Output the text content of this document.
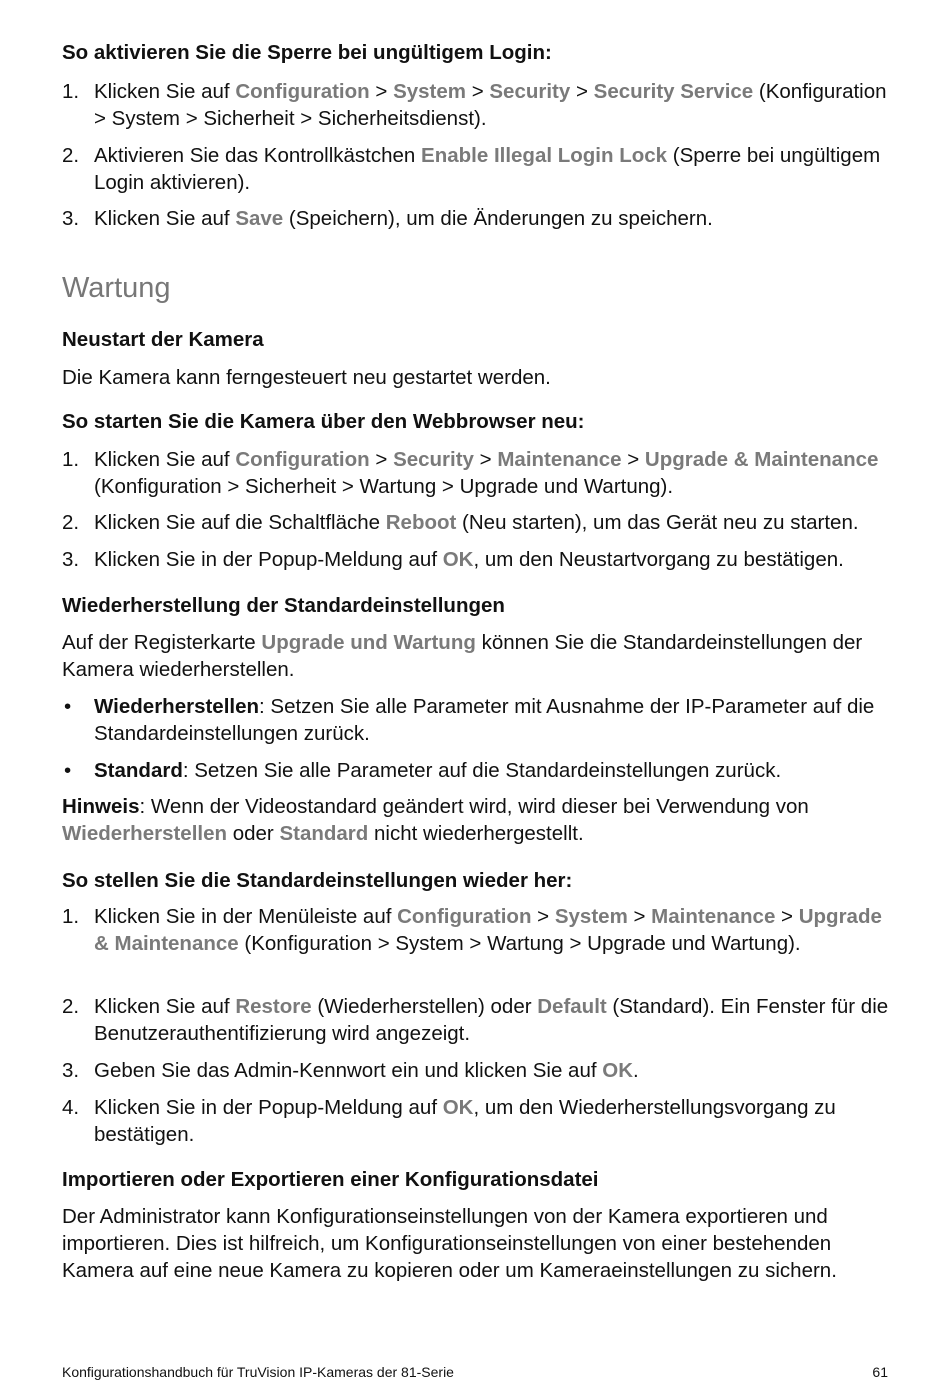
So aktivieren Sie die Sperre bei ungültigem Login:

1. Klicken Sie auf Configuration > System > Security > Security Service (Konfiguration > System > Sicherheit > Sicherheitsdienst).
2. Aktivieren Sie das Kontrollkästchen Enable Illegal Login Lock (Sperre bei ungültigem Login aktivieren).
3. Klicken Sie auf Save (Speichern), um die Änderungen zu speichern.

Wartung

Neustart der Kamera

Die Kamera kann ferngesteuert neu gestartet werden.

So starten Sie die Kamera über den Webbrowser neu:

1. Klicken Sie auf Configuration > Security > Maintenance > Upgrade & Maintenance (Konfiguration > Sicherheit > Wartung > Upgrade und Wartung).
2. Klicken Sie auf die Schaltfläche Reboot (Neu starten), um das Gerät neu zu starten.
3. Klicken Sie in der Popup-Meldung auf OK, um den Neustartvorgang zu bestätigen.

Wiederherstellung der Standardeinstellungen

Auf der Registerkarte Upgrade und Wartung können Sie die Standardeinstellungen der Kamera wiederherstellen.

•	Wiederherstellen: Setzen Sie alle Parameter mit Ausnahme der IP-Parameter auf die Standardeinstellungen zurück.
•	Standard: Setzen Sie alle Parameter auf die Standardeinstellungen zurück.

Hinweis: Wenn der Videostandard geändert wird, wird dieser bei Verwendung von Wiederherstellen oder Standard nicht wiederhergestellt.

So stellen Sie die Standardeinstellungen wieder her:

1. Klicken Sie in der Menüleiste auf Configuration > System > Maintenance > Upgrade & Maintenance (Konfiguration > System > Wartung > Upgrade und Wartung).
2. Klicken Sie auf Restore (Wiederherstellen) oder Default (Standard). Ein Fenster für die Benutzerauthentifizierung wird angezeigt.
3. Geben Sie das Admin-Kennwort ein und klicken Sie auf OK.
4. Klicken Sie in der Popup-Meldung auf OK, um den Wiederherstellungsvorgang zu bestätigen.

Importieren oder Exportieren einer Konfigurationsdatei

Der Administrator kann Konfigurationseinstellungen von der Kamera exportieren und importieren. Dies ist hilfreich, um Konfigurationseinstellungen von einer bestehenden Kamera auf eine neue Kamera zu kopieren oder um Kameraeinstellungen zu sichern.

Konfigurationshandbuch für TruVision IP-Kameras der 81-Serie	61
